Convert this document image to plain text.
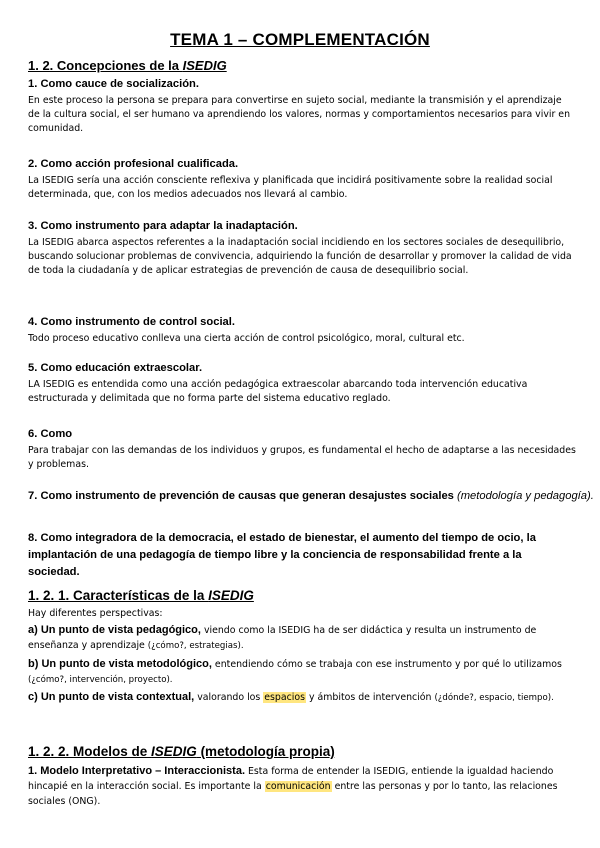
TEMA 1 – COMPLEMENTACIÓN
1. 2. Concepciones de la ISEDIG
1. Como cauce de socialización.
En este proceso la persona se prepara para convertirse en sujeto social, mediante la transmisión y el aprendizaje de la cultura social, el ser humano va aprendiendo los valores, normas y comportamientos necesarios para vivir en comunidad.
2. Como acción profesional cualificada.
La ISEDIG sería una acción consciente reflexiva y planificada que incidirá positivamente sobre la realidad social determinada, que, con los medios adecuados nos llevará al cambio.
3. Como instrumento para adaptar la inadaptación.
La ISEDIG abarca aspectos referentes a la inadaptación social incidiendo en los sectores sociales de desequilibrio, buscando solucionar problemas de convivencia, adquiriendo la función de desarrollar y promover la calidad de vida de toda la ciudadanía y de aplicar estrategias de prevención de causa de desequilibrio social.
4. Como instrumento de control social.
Todo proceso educativo conlleva una cierta acción de control psicológico, moral, cultural etc.
5. Como educación extraescolar.
LA ISEDIG es entendida como una acción pedagógica extraescolar abarcando toda intervención educativa estructurada y delimitada que no forma parte del sistema educativo reglado.
6. Como
Para trabajar con las demandas de los individuos y grupos, es fundamental el hecho de adaptarse a las necesidades y problemas.
7. Como instrumento de prevención de causas que generan desajustes sociales (metodología y pedagogía).
8. Como integradora de la democracia, el estado de bienestar, el aumento del tiempo de ocio, la implantación de una pedagogía de tiempo libre y la conciencia de responsabilidad frente a la sociedad.
1. 2. 1. Características de la ISEDIG
Hay diferentes perspectivas:
a) Un punto de vista pedagógico, viendo como la ISEDIG ha de ser didáctica y resulta un instrumento de enseñanza y aprendizaje (¿cómo?, estrategias).
b) Un punto de vista metodológico, entendiendo cómo se trabaja con ese instrumento y por qué lo utilizamos (¿cómo?, intervención, proyecto).
c) Un punto de vista contextual, valorando los espacios y ámbitos de intervención (¿dónde?, espacio, tiempo).
1. 2. 2. Modelos de ISEDIG (metodología propia)
1. Modelo Interpretativo – Interaccionista. Esta forma de entender la ISEDIG, entiende la igualdad haciendo hincapié en la interacción social. Es importante la comunicación entre las personas y por lo tanto, las relaciones sociales (ONG).
